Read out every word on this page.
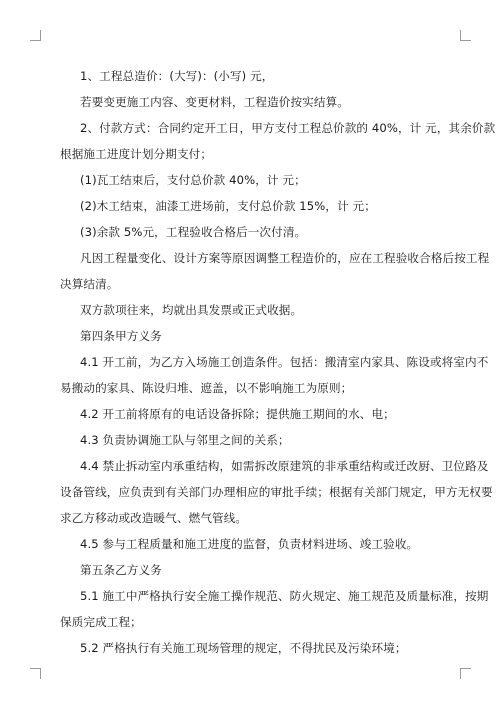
1、工程总造价：(大写)：(小写) 元，
若要变更施工内容、变更材料，工程造价按实结算。
2、付款方式：合同约定开工日，甲方支付工程总价款的 40%，计 元，其余价款
根据施工进度计划分期支付；
(1)瓦工结束后，支付总价款 40%，计 元；
(2)木工结束，油漆工进场前，支付总价款 15%，计 元；
(3)余款 5%元，工程验收合格后一次付清。
凡因工程量变化、设计方案等原因调整工程造价的，应在工程验收合格后按工程
决算结清。
双方款项往来，均就出具发票或正式收据。
第四条甲方义务
4.1 开工前，为乙方入场施工创造条件。包括：搬清室内家具、陈设或将室内不
易搬动的家具、陈设归堆、遮盖，以不影响施工为原则；
4.2 开工前将原有的电话设备拆除；提供施工期间的水、电；
4.3 负责协调施工队与邻里之间的关系；
4.4 禁止拆动室内承重结构，如需拆改原建筑的非承重结构或迁改厨、卫位路及
设备管线，应负责到有关部门办理相应的审批手续；根据有关部门规定，甲方无权要
求乙方移动或改造暖气、燃气管线。
4.5 参与工程质量和施工进度的监督，负责材料进场、竣工验收。
第五条乙方义务
5.1 施工中严格执行安全施工操作规范、防火规定、施工规范及质量标准，按期
保质完成工程；
5.2 严格执行有关施工现场管理的规定，不得扰民及污染环境；
